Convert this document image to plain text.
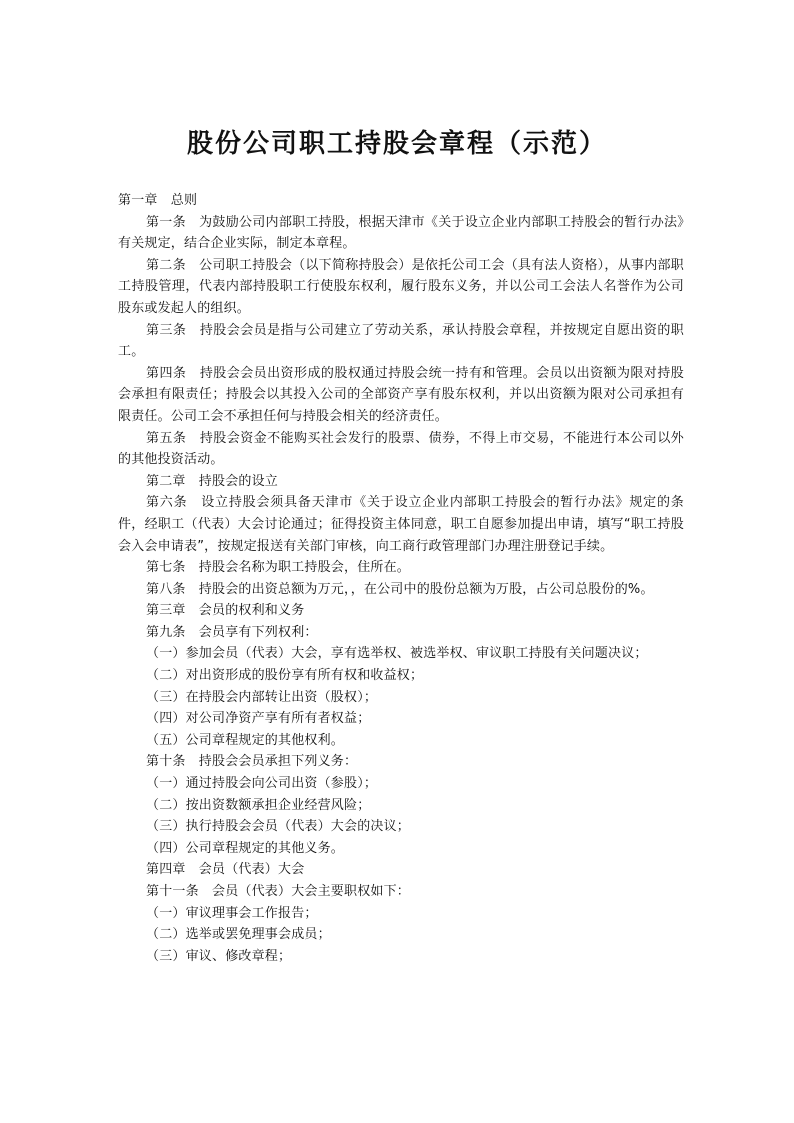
股份公司职工持股会章程（示范）

第一章　总则

第一条　为鼓励公司内部职工持股，根据天津市《关于设立企业内部职工持股会的暂行办法》有关规定，结合企业实际，制定本章程。

第二条　公司职工持股会（以下简称持股会）是依托公司工会（具有法人资格），从事内部职工持股管理，代表内部持股职工行使股东权利，履行股东义务，并以公司工会法人名誉作为公司股东或发起人的组织。

第三条　持股会会员是指与公司建立了劳动关系，承认持股会章程，并按规定自愿出资的职工。

第四条　持股会会员出资形成的股权通过持股会统一持有和管理。会员以出资额为限对持股会承担有限责任；持股会以其投入公司的全部资产享有股东权利，并以出资额为限对公司承担有限责任。公司工会不承担任何与持股会相关的经济责任。

第五条　持股会资金不能购买社会发行的股票、债券，不得上市交易，不能进行本公司以外的其他投资活动。

第二章　持股会的设立

第六条　设立持股会须具备天津市《关于设立企业内部职工持股会的暂行办法》规定的条件，经职工（代表）大会讨论通过；征得投资主体同意，职工自愿参加提出申请，填写“职工持股会入会申请表”，按规定报送有关部门审核，向工商行政管理部门办理注册登记手续。

第七条　持股会名称为职工持股会，住所在。

第八条　持股会的出资总额为万元，，在公司中的股份总额为万股，占公司总股份的%。

第三章　会员的权利和义务

第九条　会员享有下列权利：

（一）参加会员（代表）大会，享有选举权、被选举权、审议职工持股有关问题决议；

（二）对出资形成的股份享有所有权和收益权；

（三）在持股会内部转让出资（股权）；

（四）对公司净资产享有所有者权益；

（五）公司章程规定的其他权利。

第十条　持股会会员承担下列义务：

（一）通过持股会向公司出资（参股）；

（二）按出资数额承担企业经营风险；

（三）执行持股会会员（代表）大会的决议；

（四）公司章程规定的其他义务。

第四章　会员（代表）大会

第十一条　会员（代表）大会主要职权如下：

（一）审议理事会工作报告；

（二）选举或罢免理事会成员；

（三）审议、修改章程；
